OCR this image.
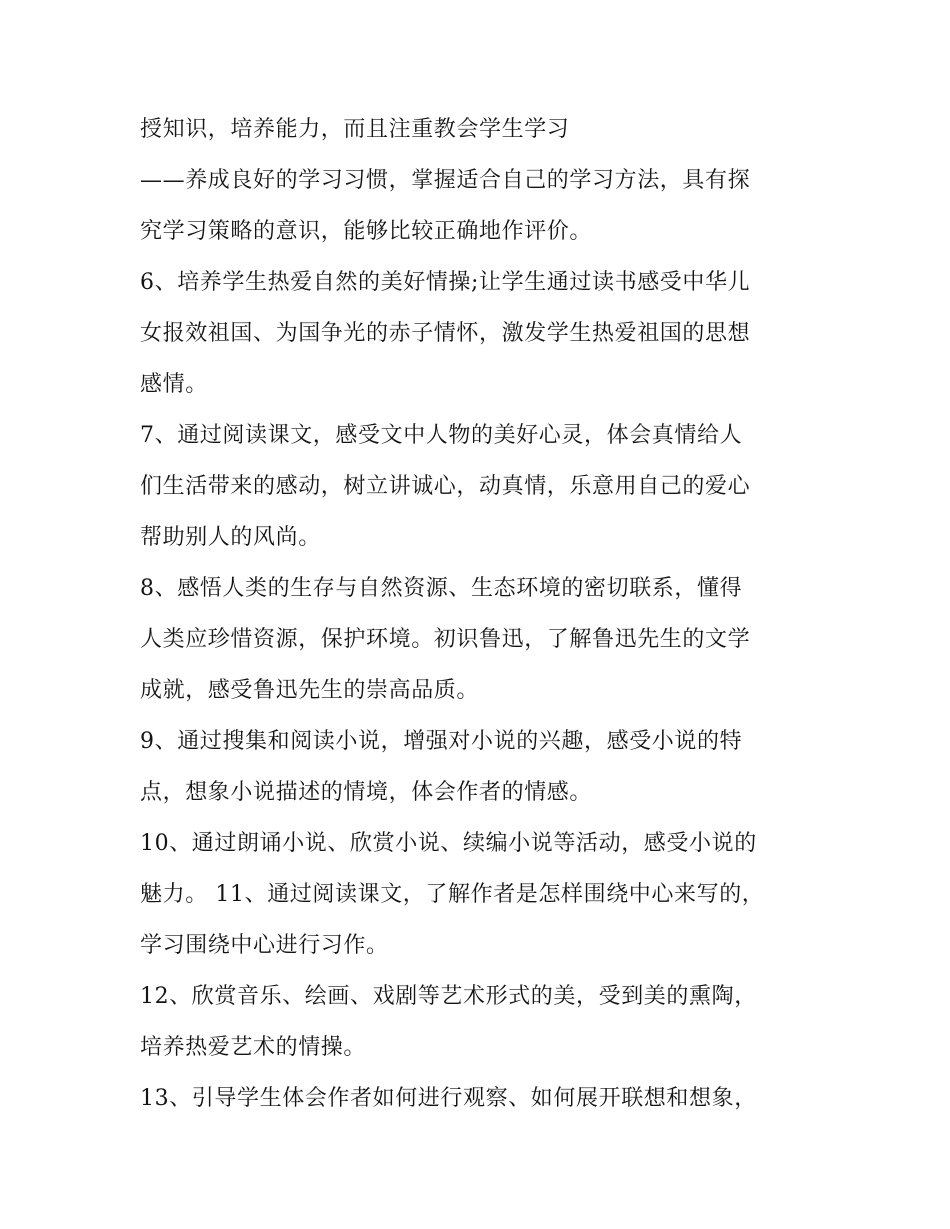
授知识，培养能力，而且注重教会学生学习
——养成良好的学习习惯，掌握适合自己的学习方法，具有探
究学习策略的意识，能够比较正确地作评价。
6、培养学生热爱自然的美好情操;让学生通过读书感受中华儿
女报效祖国、为国争光的赤子情怀，激发学生热爱祖国的思想
感情。
7、通过阅读课文，感受文中人物的美好心灵，体会真情给人
们生活带来的感动，树立讲诚心，动真情，乐意用自己的爱心
帮助别人的风尚。
8、感悟人类的生存与自然资源、生态环境的密切联系，懂得
人类应珍惜资源，保护环境。初识鲁迅，了解鲁迅先生的文学
成就，感受鲁迅先生的崇高品质。
9、通过搜集和阅读小说，增强对小说的兴趣，感受小说的特
点，想象小说描述的情境，体会作者的情感。
10、通过朗诵小说、欣赏小说、续编小说等活动，感受小说的
魅力。 11、通过阅读课文，了解作者是怎样围绕中心来写的，
学习围绕中心进行习作。
12、欣赏音乐、绘画、戏剧等艺术形式的美，受到美的熏陶，
培养热爱艺术的情操。
13、引导学生体会作者如何进行观察、如何展开联想和想象，
